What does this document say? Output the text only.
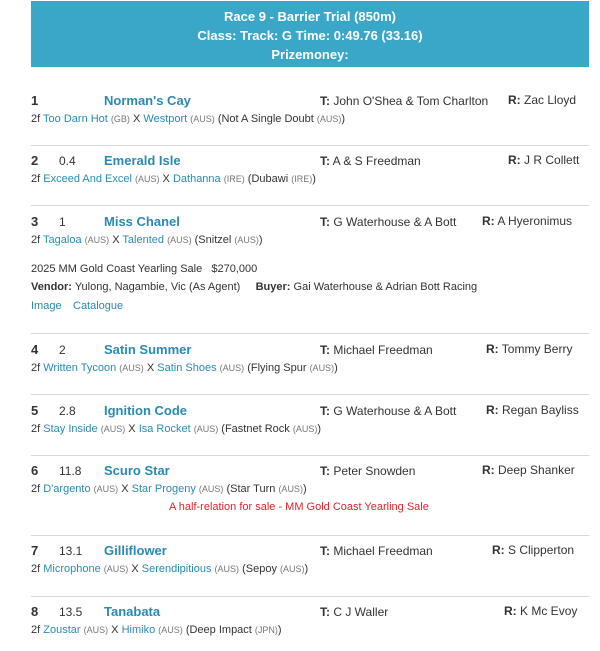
Race 9 - Barrier Trial (850m)
Class: Track: G Time: 0:49.76 (33.16)
Prizemoney:
1	Norman's Cay	T: John O'Shea & Tom Charlton R: Zac Lloyd
2f Too Darn Hot (GB) X Westport (AUS) (Not A Single Doubt (AUS))
2 0.4 Emerald Isle	T: A & S Freedman	R: J R Collett
2f Exceed And Excel (AUS) X Dathanna (IRE) (Dubawi (IRE))
3 1	Miss Chanel	T: G Waterhouse & A Bott R: A Hyeronimus
2f Tagaloa (AUS) X Talented (AUS) (Snitzel (AUS))
2025 MM Gold Coast Yearling Sale   $270,000
Vendor: Yulong, Nagambie, Vic (As Agent) Buyer: Gai Waterhouse & Adrian Bott Racing
Image Catalogue
4 2	Satin Summer	T: Michael Freedman	R: Tommy Berry
2f Written Tycoon (AUS) X Satin Shoes (AUS) (Flying Spur (AUS))
5 2.8 Ignition Code	T: G Waterhouse & A Bott R: Regan Bayliss
2f Stay Inside (AUS) X Isa Rocket (AUS) (Fastnet Rock (AUS))
6 11.8 Scuro Star	T: Peter Snowden	R: Deep Shanker
2f D'argento (AUS) X Star Progeny (AUS) (Star Turn (AUS))
A half-relation for sale - MM Gold Coast Yearling Sale
7 13.1 Gilliflower	T: Michael Freedman	R: S Clipperton
2f Microphone (AUS) X Serendipitious (AUS) (Sepoy (AUS))
8 13.5 Tanabata	T: C J Waller	R: K Mc Evoy
2f Zoustar (AUS) X Himiko (AUS) (Deep Impact (JPN))
